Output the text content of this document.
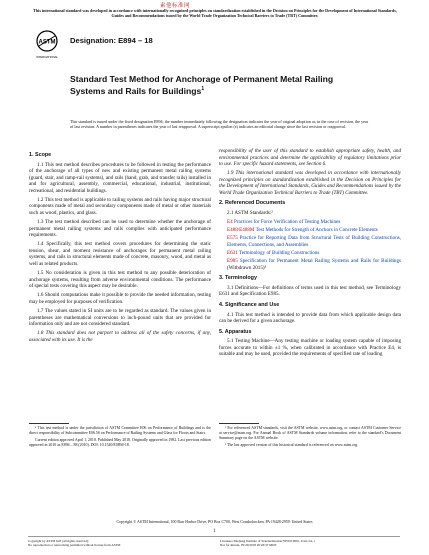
素他标准网
This international standard was developed in accordance with internationally recognized principles on standardization established in the Decision on Principles for the Development of International Standards, Guides and Recommendations issued by the World Trade Organization Technical Barriers to Trade (TBT) Committee.
ASTM
INTERNATIONAL
Designation: E894 – 18
Standard Test Method for Anchorage of Permanent Metal Railing Systems and Rails for Buildings$^1$
This standard is issued under the fixed designation E894; the number immediately following the designation indicates the year of original adoption or, in the case of revision, the year of last revision. A number in parentheses indicates the year of last reapproval. A superscript epsilon (ε) indicates an editorial change since the last revision or reapproval.
1. Scope

1.1 This test method describes procedures to be followed in testing the performance of the anchorage of all types of new and existing permanent metal railing systems (guard, stair, and ramp-rail systems), and rails (hand, grab, and transfer rails) installed in and for agricultural, assembly, commercial, educational, industrial, institutional, recreational, and residential buildings.

1.2 This test method is applicable to railing systems and rails having major structural components made of metal and secondary components made of metal or other materials such as wood, plastics, and glass.

1.3 The test method described can be used to determine whether the anchorage of permanent metal railing systems and rails complies with anticipated performance requirements.

1.4 Specifically, this test method covers procedures for determining the static tension, shear, and moment resistance of anchorages for permanent metal railing systems, and rails in structural elements made of concrete, masonry, wood, and metal as well as related products.

1.5 No consideration is given in this test method to any possible deterioration of anchorage systems, resulting from adverse environmental conditions. The performance of special tests covering this aspect may be desirable.

1.6 Should computations make it possible to provide the needed information, testing may be employed for purposes of verification.

1.7 The values stated in SI units are to be regarded as standard. The values given in parentheses are mathematical conversions to inch-pound units that are provided for information only and are not considered standard.

1.8 This standard does not purport to address all of the safety concerns, if any, associated with its use. It is the

¹ This test method is under the jurisdiction of ASTM Committee E06 on Performance of Buildings and is the direct responsibility of Subcommittee E06.56 on Performance of Railing Systems and Glass for Floors and Stairs.

Current edition approved April 1, 2018. Published May 2018. Originally approved in 1982. Last previous edition approved in 2010 as E894 – 88 (2010). DOI: 10.1520/E0894-18.

responsibility of the user of this standard to establish appropriate safety, health, and environmental practices and determine the applicability of regulatory limitations prior to use. For specific hazard statements, see Section 6.

1.9 This international standard was developed in accordance with internationally recognized principles on standardization established in the Decision on Principles for the Development of International Standards, Guides and Recommendations issued by the World Trade Organization Technical Barriers to Trade (TBT) Committee.

2. Referenced Documents

2.1 ASTM Standards:²

E4 Practices for Force Verification of Testing Machines
E488/E488M Test Methods for Strength of Anchors in Concrete Elements
E575 Practice for Reporting Data from Structural Tests of Building Constructions, Elements, Connections, and Assemblies
E631 Terminology of Building Constructions
E985 Specification for Permanent Metal Railing Systems and Rails for Buildings (Withdrawn 2015)³
3. Terminology

3.1 Definitions—For definitions of terms used in this test method, see Terminology E631 and Specification E985.

4. Significance and Use

4.1 This test method is intended to provide data from which applicable design data can be derived for a given anchorage.

5. Apparatus

5.1 Testing Machine—Any testing machine or loading system capable of imposing forces accurate to within ±1 %, when calibrated in accordance with Practice E4, is suitable and may be used, provided the requirements of specified rate of loading

² For referenced ASTM standards, visit the ASTM website, www.astm.org, or contact ASTM Customer Service at service@astm.org. For Annual Book of ASTM Standards volume information, refer to the standard's Document Summary page on the ASTM website.

³ The last approved version of this historical standard is referenced on www.astm.org.

Copyright © ASTM International, 100 Barr Harbor Drive, PO Box C700, West Conshohocken, PA 19428-2959. United States
1
Copyright by ASTM Int'l (all rights reserved);
No reproduction or networking permitted without license from ASTM
Licensee=Zhejiang Institute of Standardization/5950119001, User=xx, r
Not for Resale, 05/20/2018 20:26:37 MDT
